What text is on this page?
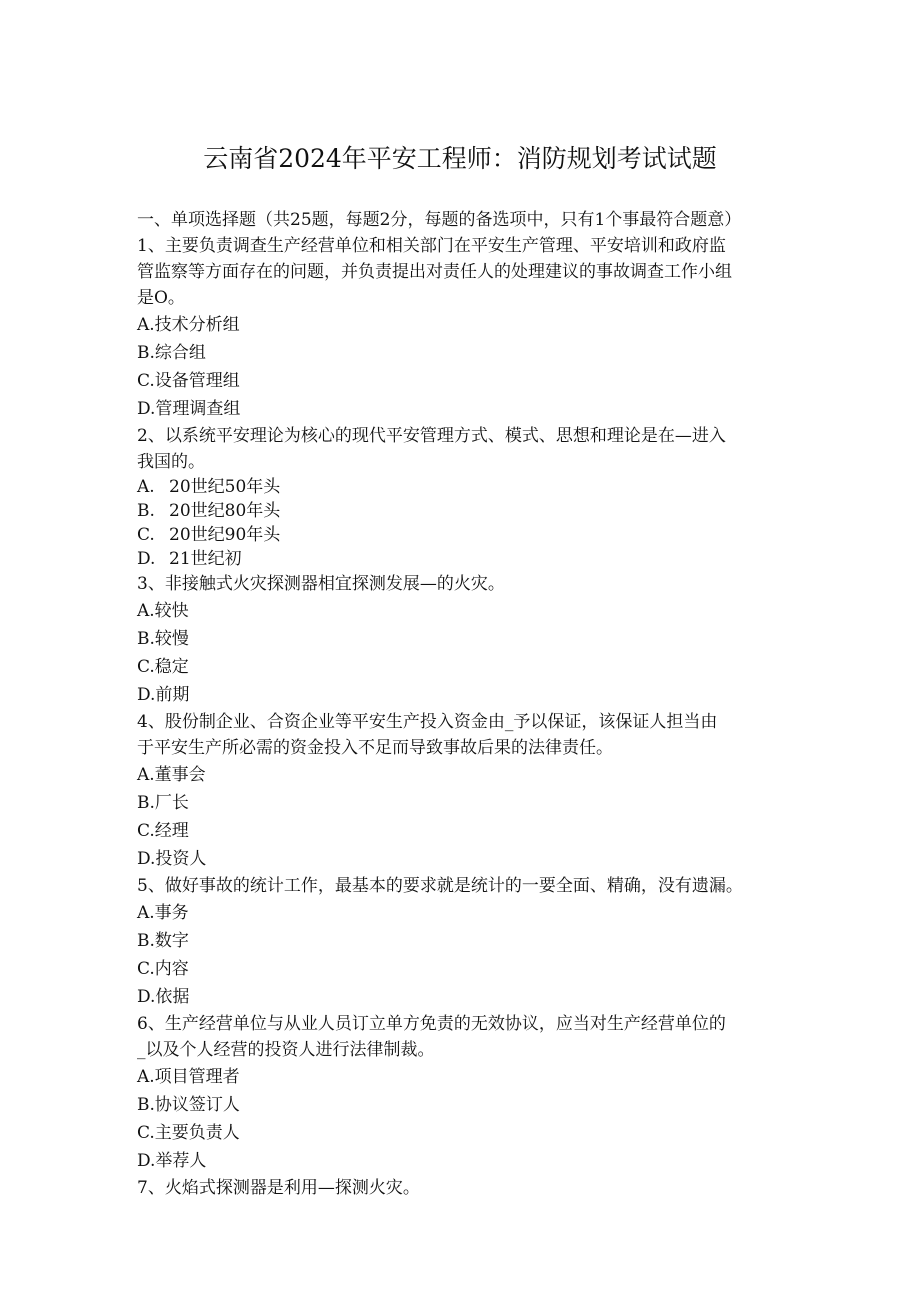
云南省2024年平安工程师：消防规划考试试题
一、单项选择题（共25题，每题2分，每题的备选项中，只有1个事最符合题意）
1、主要负责调查生产经营单位和相关部门在平安生产管理、平安培训和政府监
管监察等方面存在的问题，并负责提出对责任人的处理建议的事故调查工作小组
是O。
A.技术分析组
B.综合组
C.设备管理组
D.管理调查组
2、以系统平安理论为核心的现代平安管理方式、模式、思想和理论是在—进入
我国的。
A. 20世纪50年头
B. 20世纪80年头
C. 20世纪90年头
D. 21世纪初
3、非接触式火灾探测器相宜探测发展—的火灾。
A.较快
B.较慢
C.稳定
D.前期
4、股份制企业、合资企业等平安生产投入资金由_予以保证，该保证人担当由
于平安生产所必需的资金投入不足而导致事故后果的法律责任。
A.董事会
B.厂长
C.经理
D.投资人
5、做好事故的统计工作，最基本的要求就是统计的一要全面、精确，没有遗漏。
A.事务
B.数字
C.内容
D.依据
6、生产经营单位与从业人员订立单方免责的无效协议，应当对生产经营单位的
_以及个人经营的投资人进行法律制裁。
A.项目管理者
B.协议签订人
C.主要负责人
D.举荐人
7、火焰式探测器是利用—探测火灾。
